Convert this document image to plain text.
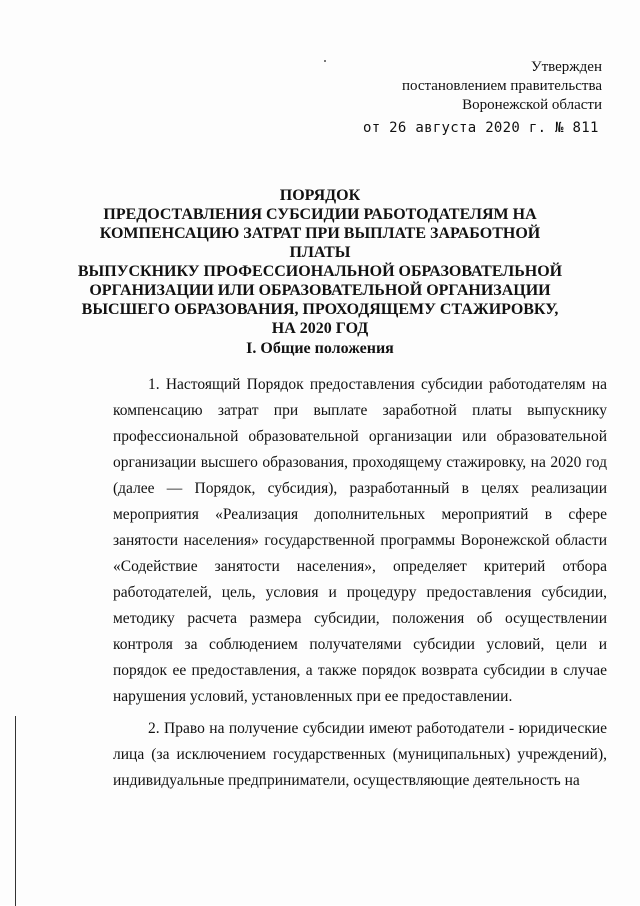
Утвержден
постановлением правительства
Воронежской области
от 26 августа 2020 г. № 811
ПОРЯДОК
ПРЕДОСТАВЛЕНИЯ СУБСИДИИ РАБОТОДАТЕЛЯМ НА
КОМПЕНСАЦИЮ ЗАТРАТ ПРИ ВЫПЛАТЕ ЗАРАБОТНОЙ ПЛАТЫ
ВЫПУСКНИКУ ПРОФЕССИОНАЛЬНОЙ ОБРАЗОВАТЕЛЬНОЙ
ОРГАНИЗАЦИИ ИЛИ ОБРАЗОВАТЕЛЬНОЙ ОРГАНИЗАЦИИ
ВЫСШЕГО ОБРАЗОВАНИЯ, ПРОХОДЯЩЕМУ СТАЖИРОВКУ,
НА 2020 ГОД
I. Общие положения

1. Настоящий Порядок предоставления субсидии работодателям на компенсацию затрат при выплате заработной платы выпускнику профессиональной образовательной организации или образовательной организации высшего образования, проходящему стажировку, на 2020 год (далее — Порядок, субсидия), разработанный в целях реализации мероприятия «Реализация дополнительных мероприятий в сфере занятости населения» государственной программы Воронежской области «Содействие занятости населения», определяет критерий отбора работодателей, цель, условия и процедуру предоставления субсидии, методику расчета размера субсидии, положения об осуществлении контроля за соблюдением получателями субсидии условий, цели и порядок ее предоставления, а также порядок возврата субсидии в случае нарушения условий, установленных при ее предоставлении.

2. Право на получение субсидии имеют работодатели - юридические лица (за исключением государственных (муниципальных) учреждений), индивидуальные предприниматели, осуществляющие деятельность на
